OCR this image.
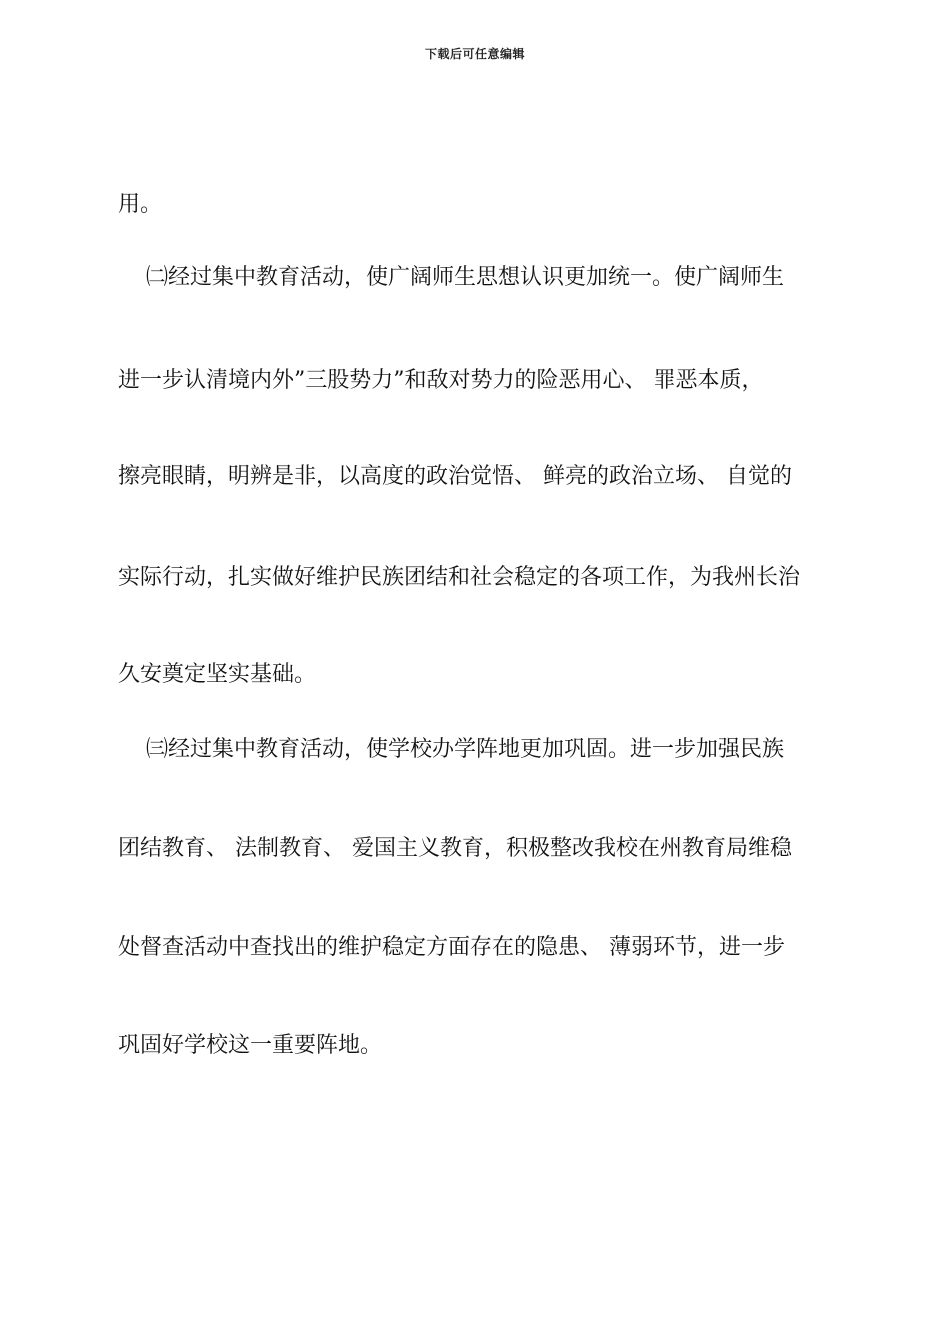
下载后可任意编辑
用。
㈡经过集中教育活动，使广阔师生思想认识更加统一。使广阔师生
进一步认清境内外”三股势力”和敌对势力的险恶用心、 罪恶本质，
擦亮眼睛，明辨是非，以高度的政治觉悟、 鲜亮的政治立场、 自觉的
实际行动，扎实做好维护民族团结和社会稳定的各项工作，为我州长治
久安奠定坚实基础。
㈢经过集中教育活动，使学校办学阵地更加巩固。进一步加强民族
团结教育、 法制教育、 爱国主义教育，积极整改我校在州教育局维稳
处督查活动中查找出的维护稳定方面存在的隐患、 薄弱环节，进一步
巩固好学校这一重要阵地。
